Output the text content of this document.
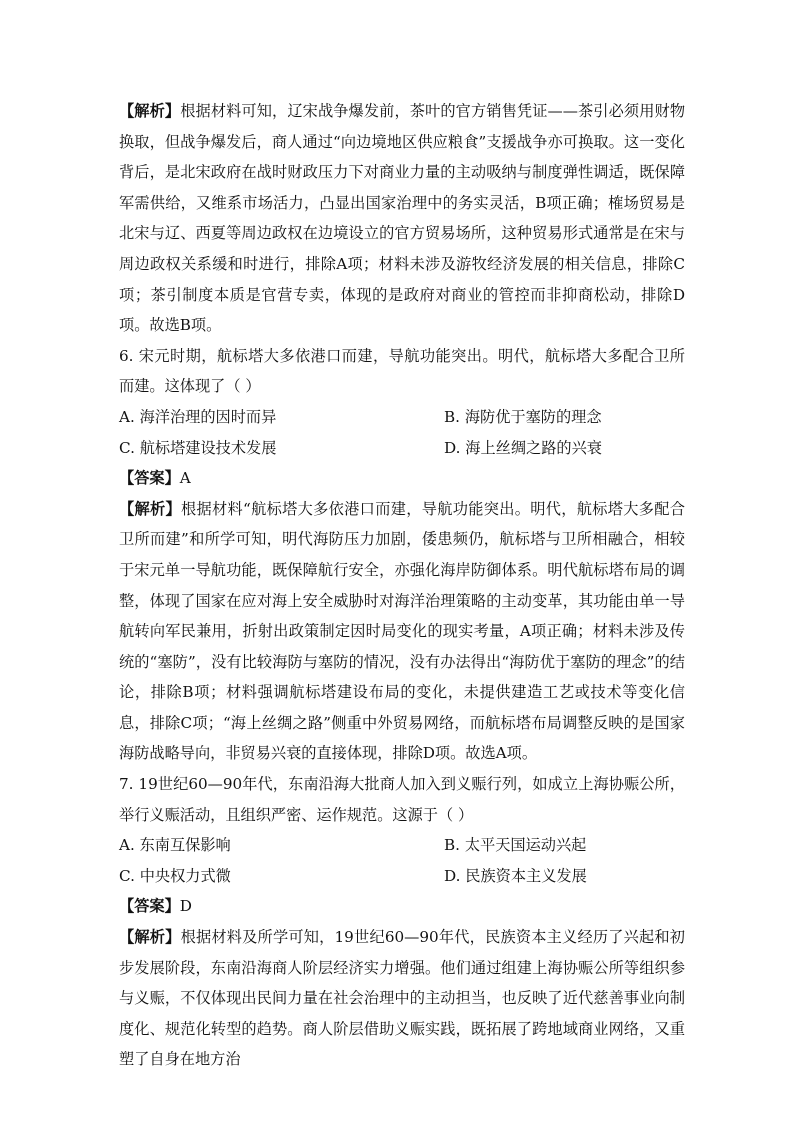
【解析】根据材料可知，辽宋战争爆发前，茶叶的官方销售凭证——茶引必须用财物换取，但战争爆发后，商人通过“向边境地区供应粮食”支援战争亦可换取。这一变化背后，是北宋政府在战时财政压力下对商业力量的主动吸纳与制度弹性调适，既保障军需供给，又维系市场活力，凸显出国家治理中的务实灵活，B项正确；榷场贸易是北宋与辽、西夏等周边政权在边境设立的官方贸易场所，这种贸易形式通常是在宋与周边政权关系缓和时进行，排除A项；材料未涉及游牧经济发展的相关信息，排除C项；茶引制度本质是官营专卖，体现的是政府对商业的管控而非抑商松动，排除D项。故选B项。

6. 宋元时期，航标塔大多依港口而建，导航功能突出。明代，航标塔大多配合卫所而建。这体现了（ ）

A. 海洋治理的因时而异	B. 海防优于塞防的理念
C. 航标塔建设技术发展	D. 海上丝绸之路的兴衰

【答案】A

【解析】根据材料“航标塔大多依港口而建，导航功能突出。明代，航标塔大多配合卫所而建”和所学可知，明代海防压力加剧，倭患频仍，航标塔与卫所相融合，相较于宋元单一导航功能，既保障航行安全，亦强化海岸防御体系。明代航标塔布局的调整，体现了国家在应对海上安全威胁时对海洋治理策略的主动变革，其功能由单一导航转向军民兼用，折射出政策制定因时局变化的现实考量，A项正确；材料未涉及传统的“塞防”，没有比较海防与塞防的情况，没有办法得出“海防优于塞防的理念”的结论，排除B项；材料强调航标塔建设布局的变化，未提供建造工艺或技术等变化信息，排除C项；“海上丝绸之路”侧重中外贸易网络，而航标塔布局调整反映的是国家海防战略导向，非贸易兴衰的直接体现，排除D项。故选A项。

7. 19世纪60—90年代，东南沿海大批商人加入到义赈行列，如成立上海协赈公所，举行义赈活动，且组织严密、运作规范。这源于（ ）

A. 东南互保影响	B. 太平天国运动兴起
C. 中央权力式微	D. 民族资本主义发展

【答案】D

【解析】根据材料及所学可知，19世纪60—90年代，民族资本主义经历了兴起和初步发展阶段，东南沿海商人阶层经济实力增强。他们通过组建上海协赈公所等组织参与义赈，不仅体现出民间力量在社会治理中的主动担当，也反映了近代慈善事业向制度化、规范化转型的趋势。商人阶层借助义赈实践，既拓展了跨地域商业网络，又重塑了自身在地方治
